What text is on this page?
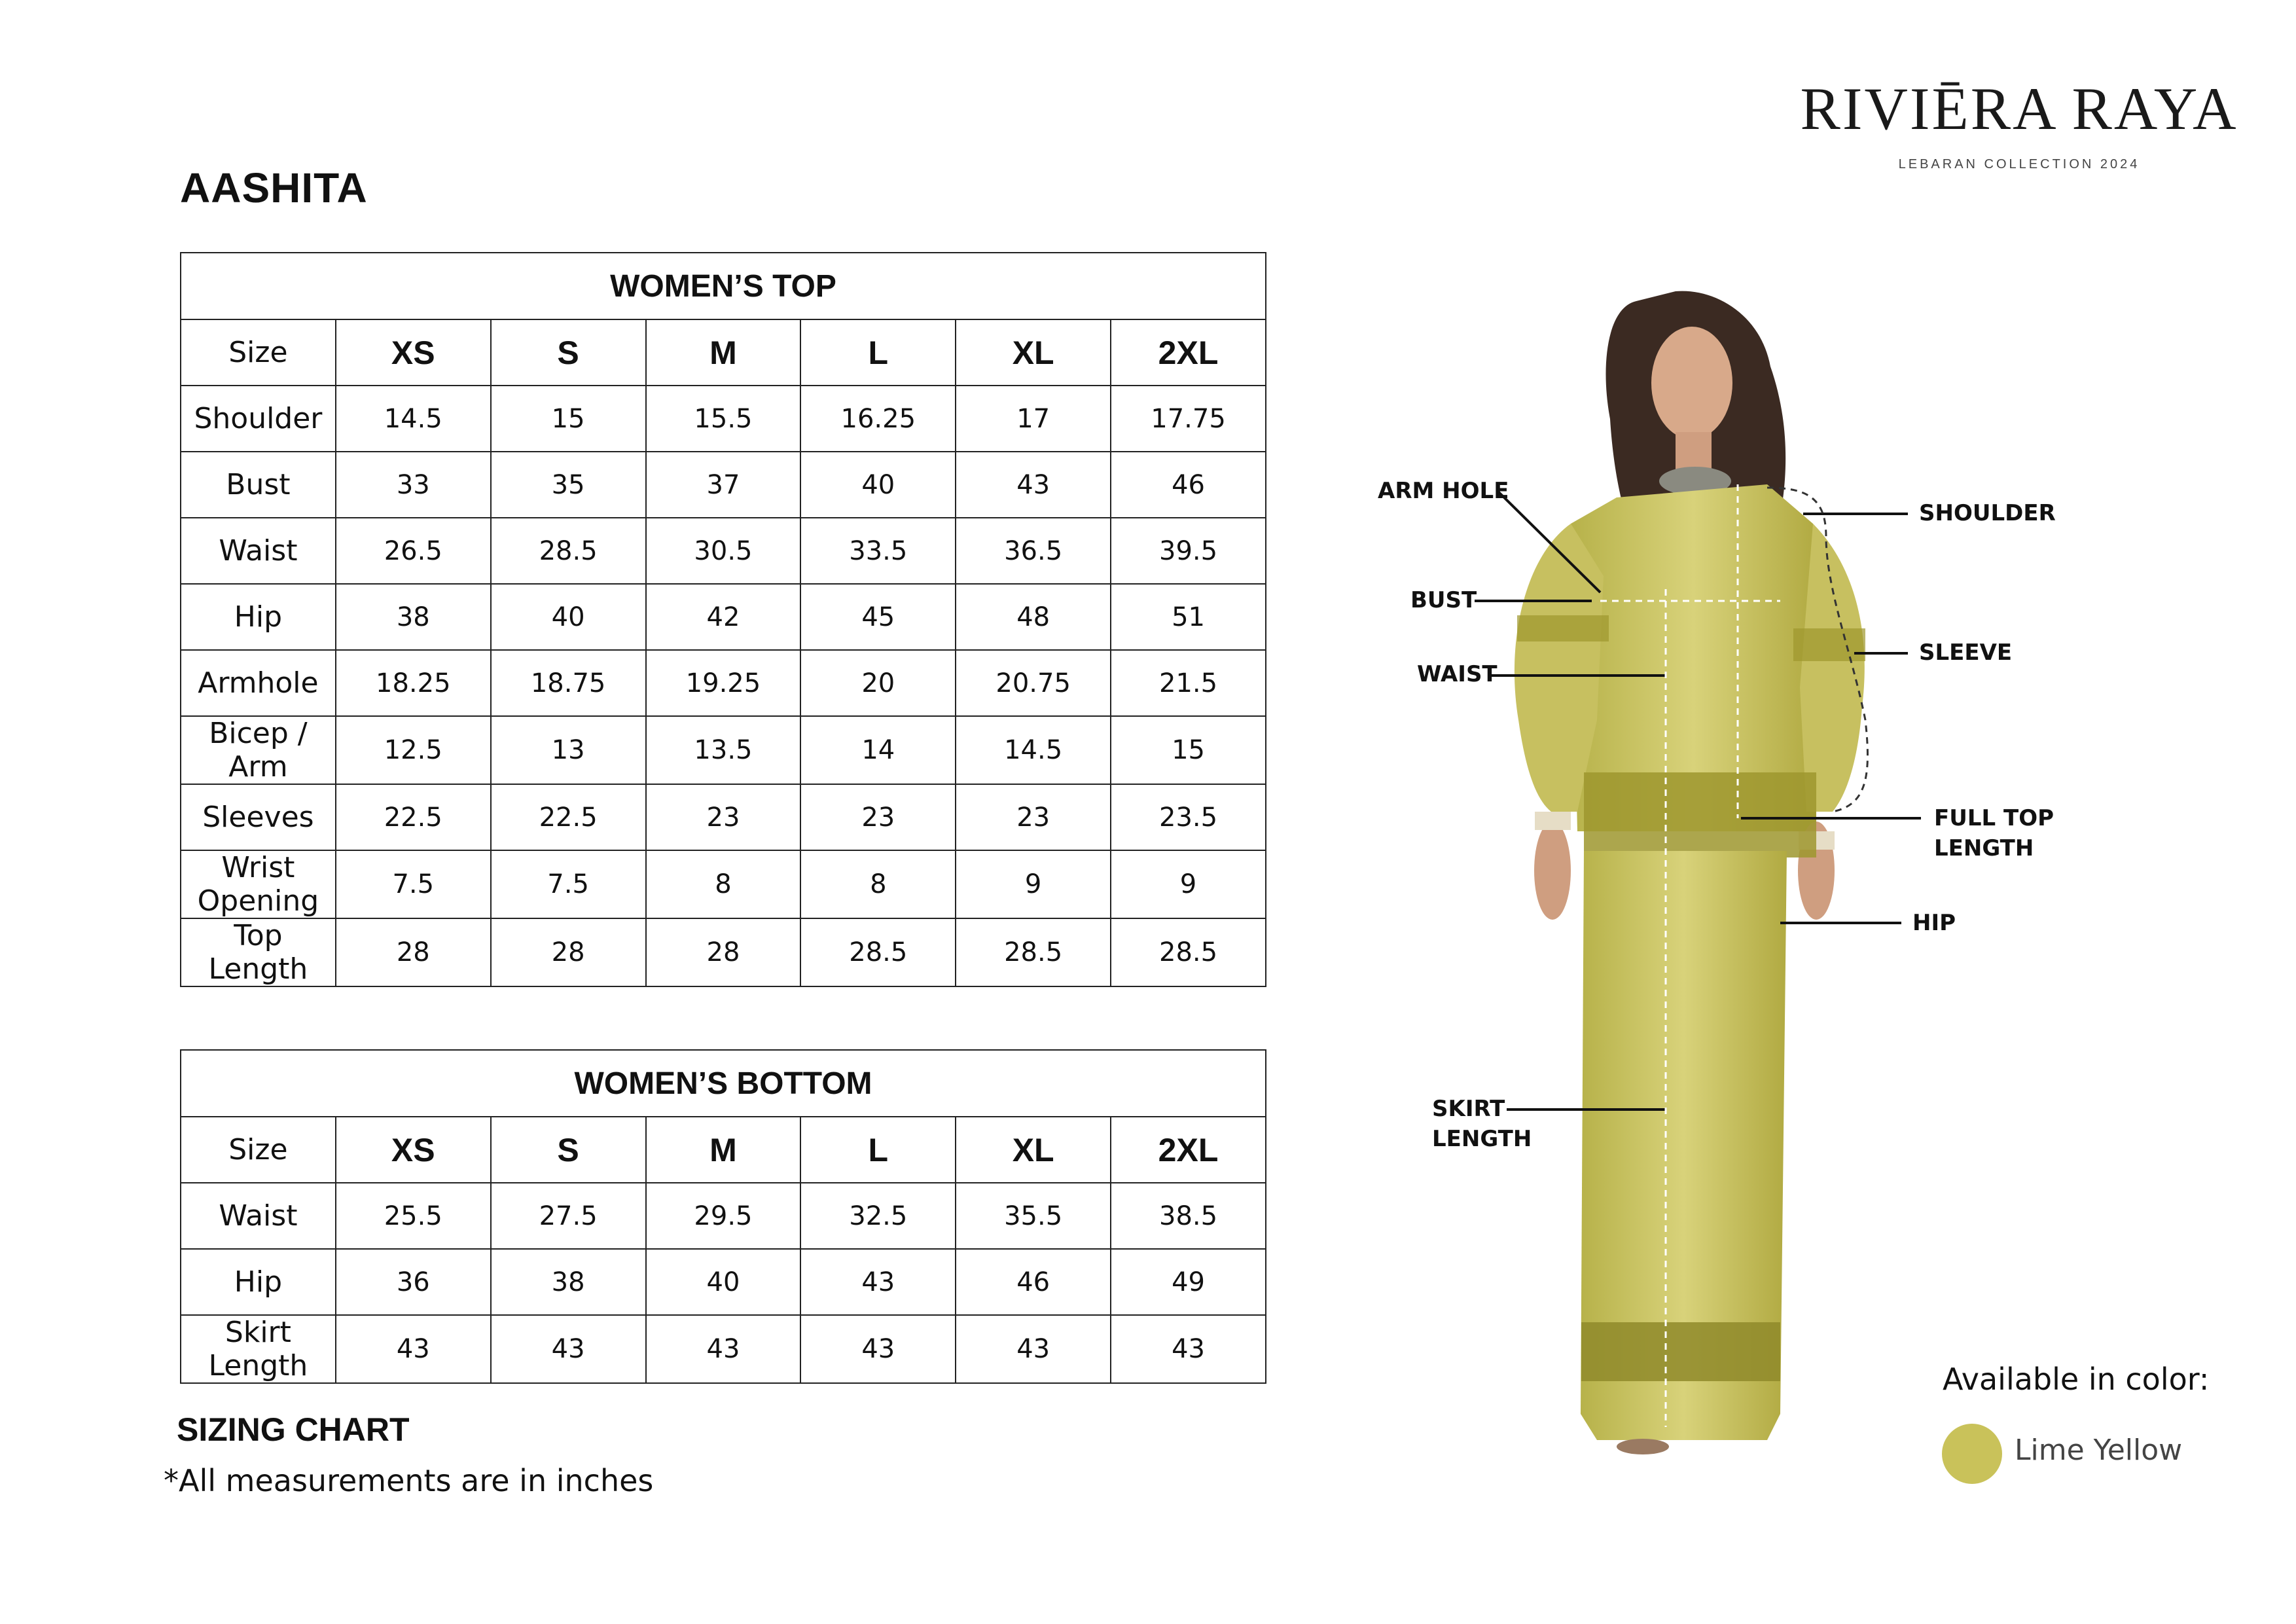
RIVIĒRA RAYA
LEBARAN COLLECTION 2024
AASHITA
WOMEN’S TOP						
Size	XS	S	M	L	XL	2XL
Shoulder	14.5	15	15.5	16.25	17	17.75
Bust	33	35	37	40	43	46
Waist	26.5	28.5	30.5	33.5	36.5	39.5
Hip	38	40	42	45	48	51
Armhole	18.25	18.75	19.25	20	20.75	21.5
Bicep / Arm	12.5	13	13.5	14	14.5	15
Sleeves	22.5	22.5	23	23	23	23.5
Wrist Opening	7.5	7.5	8	8	9	9
Top Length	28	28	28	28.5	28.5	28.5
WOMEN’S BOTTOM						
Size	XS	S	M	L	XL	2XL
Waist	25.5	27.5	29.5	32.5	35.5	38.5
Hip	36	38	40	43	46	49
Skirt Length	43	43	43	43	43	43
SIZING CHART
*All measurements are in inches
ARM HOLE
BUST
WAIST
SHOULDER
SLEEVE
FULL TOP
LENGTH
HIP
SKIRT
LENGTH
Available in color:
Lime Yellow
